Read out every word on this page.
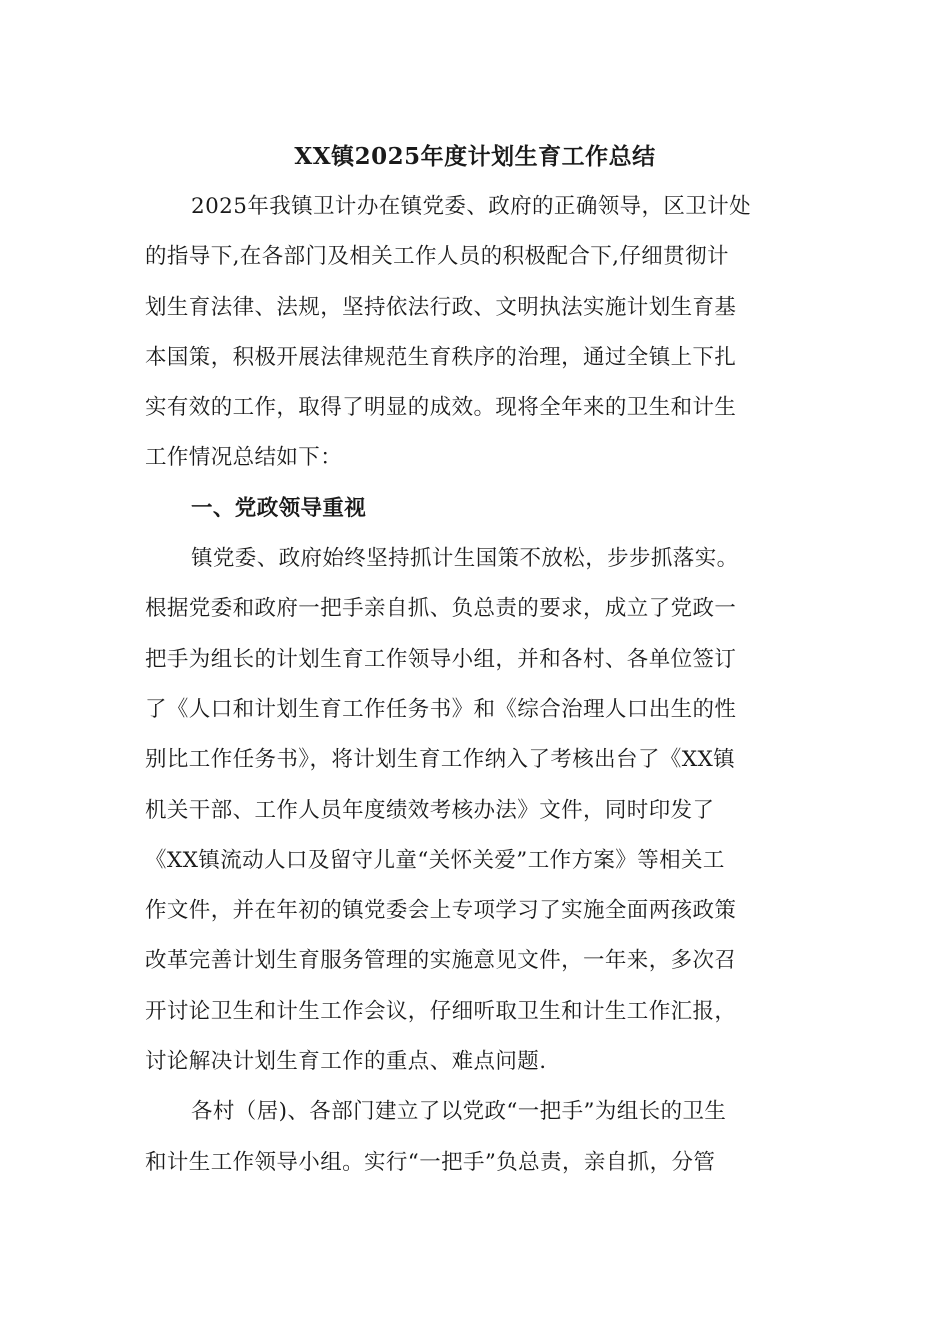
XX镇2025年度计划生育工作总结

2025年我镇卫计办在镇党委、政府的正确领导，区卫计处
的指导下,在各部门及相关工作人员的积极配合下,仔细贯彻计
划生育法律、法规，坚持依法行政、文明执法实施计划生育基
本国策，积极开展法律规范生育秩序的治理，通过全镇上下扎
实有效的工作，取得了明显的成效。现将全年来的卫生和计生
工作情况总结如下：

一、党政领导重视

镇党委、政府始终坚持抓计生国策不放松，步步抓落实。
根据党委和政府一把手亲自抓、负总责的要求，成立了党政一
把手为组长的计划生育工作领导小组，并和各村、各单位签订
了《人口和计划生育工作任务书》和《综合治理人口出生的性
别比工作任务书》，将计划生育工作纳入了考核出台了《XX镇
机关干部、工作人员年度绩效考核办法》文件，同时印发了
《XX镇流动人口及留守儿童“关怀关爱”工作方案》等相关工
作文件，并在年初的镇党委会上专项学习了实施全面两孩政策
改革完善计划生育服务管理的实施意见文件，一年来，多次召
开讨论卫生和计生工作会议，仔细听取卫生和计生工作汇报，
讨论解决计划生育工作的重点、难点问题.

各村（居)、各部门建立了以党政“一把手”为组长的卫生
和计生工作领导小组。实行“一把手”负总责，亲自抓，分管
